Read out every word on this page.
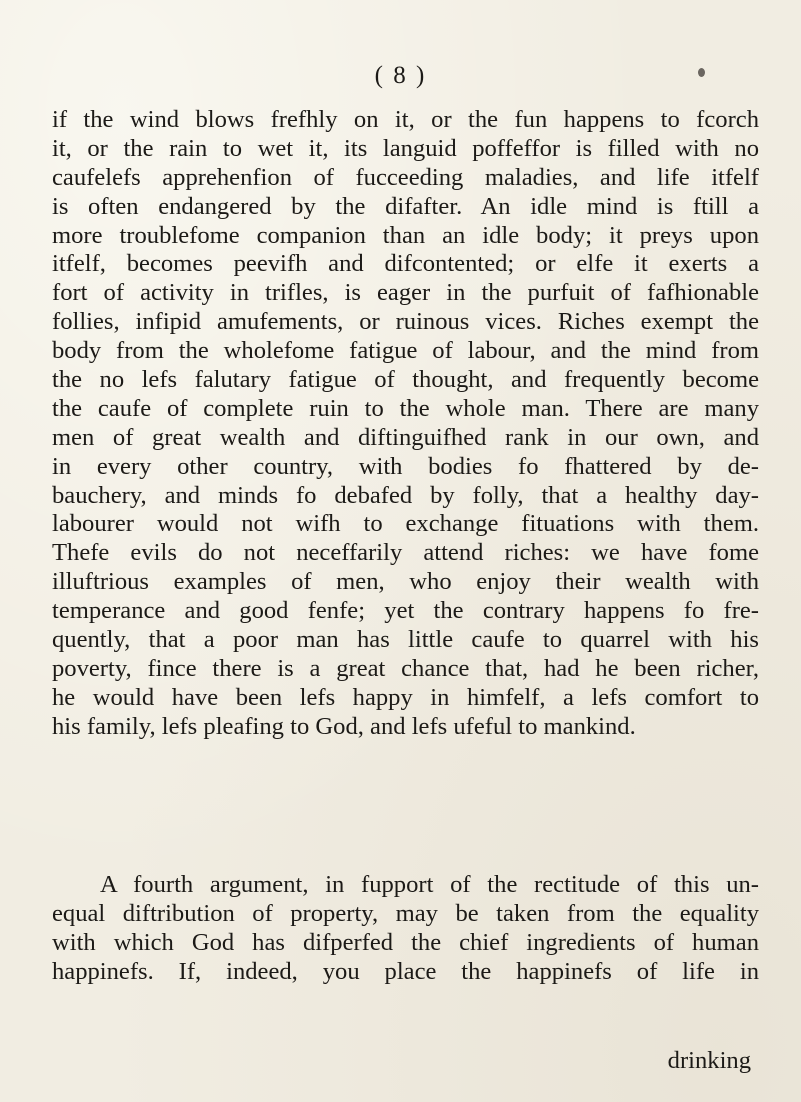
( 8 )
if the wind blows frefhly on it, or the fun happens to fcorch
it, or the rain to wet it, its languid poffeffor is filled with no
caufelefs apprehenfion of fucceeding maladies, and life itfelf
is often endangered by the difafter. An idle mind is ftill a
more troublefome companion than an idle body; it preys upon
itfelf, becomes peevifh and difcontented; or elfe it exerts a
fort of activity in trifles, is eager in the purfuit of fafhionable
follies, infipid amufements, or ruinous vices. Riches exempt the
body from the wholefome fatigue of labour, and the mind from
the no lefs falutary fatigue of thought, and frequently become
the caufe of complete ruin to the whole man. There are many
men of great wealth and diftinguifhed rank in our own, and
in every other country, with bodies fo fhattered by de-
bauchery, and minds fo debafed by folly, that a healthy day-
labourer would not wifh to exchange fituations with them.
Thefe evils do not neceffarily attend riches: we have fome
illuftrious examples of men, who enjoy their wealth with
temperance and good fenfe; yet the contrary happens fo fre-
quently, that a poor man has little caufe to quarrel with his
poverty, fince there is a great chance that, had he been richer,
he would have been lefs happy in himfelf, a lefs comfort to
his family, lefs pleafing to God, and lefs ufeful to mankind.
A fourth argument, in fupport of the rectitude of this un-
equal diftribution of property, may be taken from the equality
with which God has difperfed the chief ingredients of human
happinefs. If, indeed, you place the happinefs of life in
drinking
